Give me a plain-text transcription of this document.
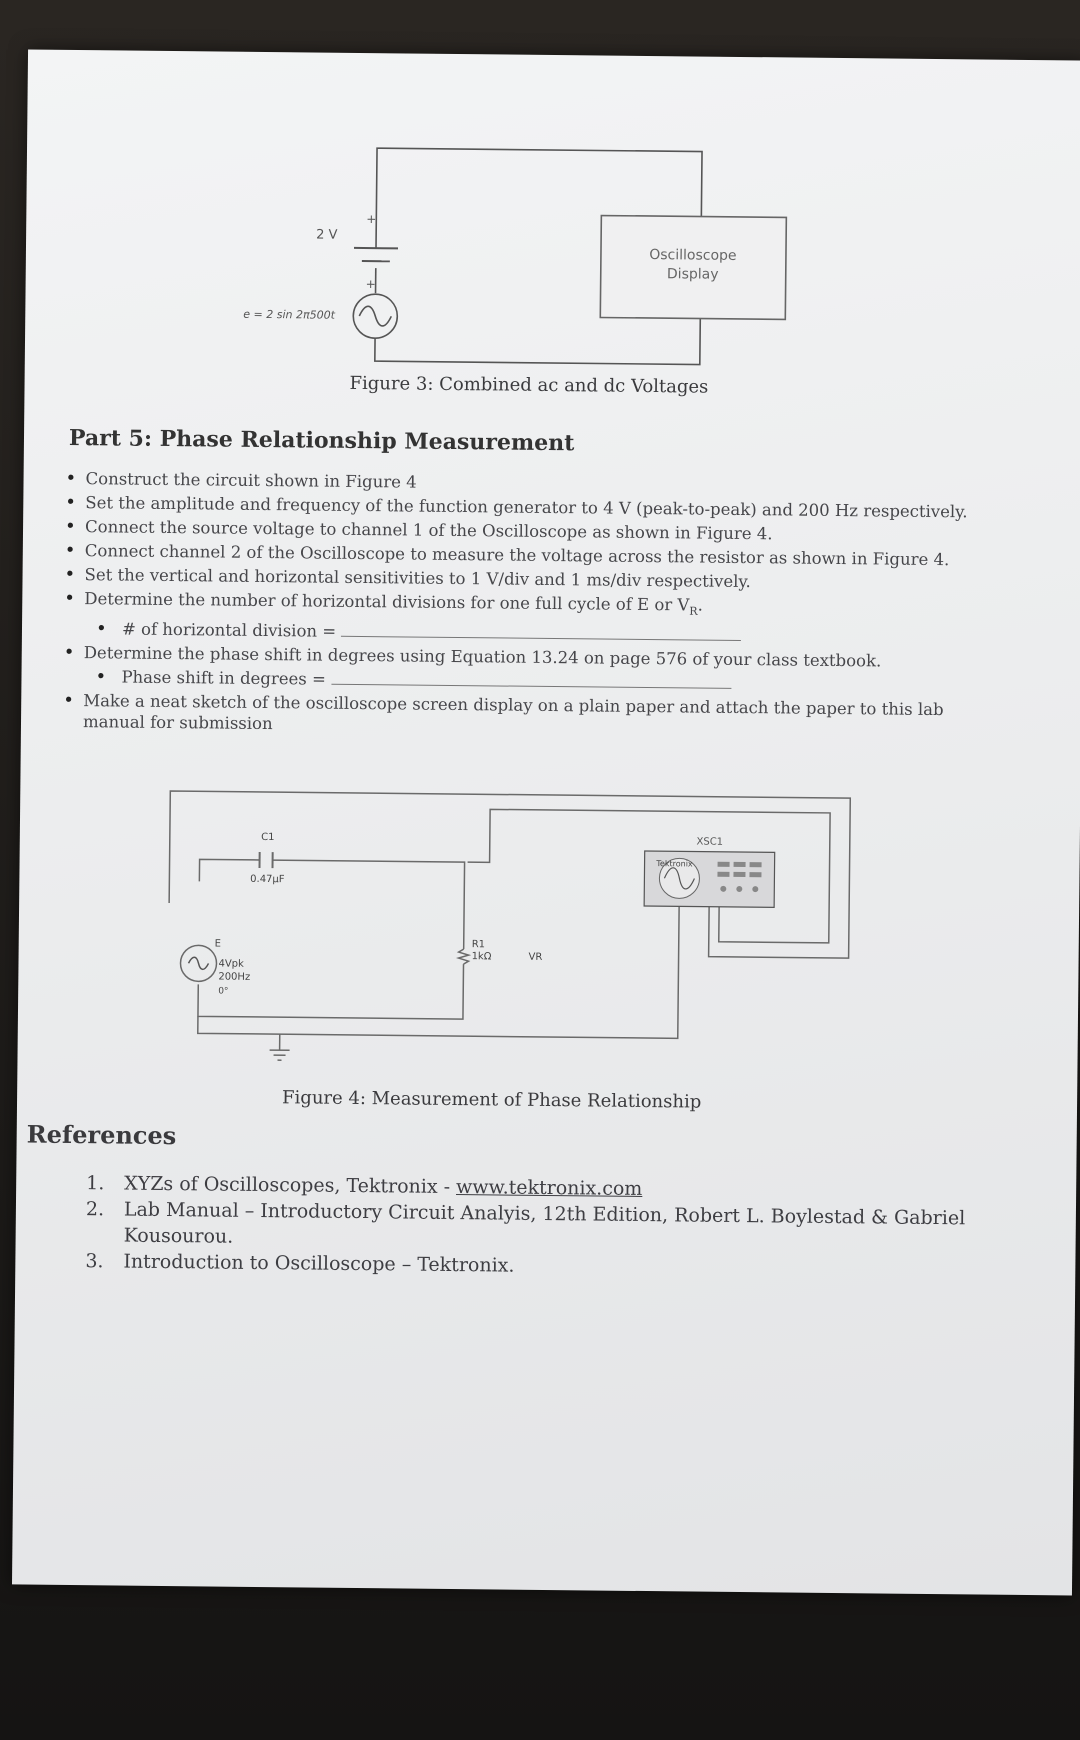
2 V
+
+
e = 2 sin 2π500t
Oscilloscope
Display
Figure 3: Combined ac and dc Voltages
Part 5: Phase Relationship Measurement
• Construct the circuit shown in Figure 4
• Set the amplitude and frequency of the function generator to 4 V (peak-to-peak) and 200 Hz respectively.
• Connect the source voltage to channel 1 of the Oscilloscope as shown in Figure 4.
• Connect channel 2 of the Oscilloscope to measure the voltage across the resistor as shown in Figure 4.
• Set the vertical and horizontal sensitivities to 1 V/div and 1 ms/div respectively.
• Determine the number of horizontal divisions for one full cycle of E or $V_R$.
• # of horizontal division =
• Determine the phase shift in degrees using Equation 13.24 on page 576 of your class textbook.
• Phase shift in degrees =
• Make a neat sketch of the oscilloscope screen display on a plain paper and attach the paper to this lab manual for submission
XSC1
Tektronix
C1
0.47µF
R1
1kΩ	VR
E
4Vpk
200Hz
0°
Figure 4: Measurement of Phase Relationship
References
1. XYZs of Oscilloscopes, Tektronix - www.tektronix.com
2. Lab Manual – Introductory Circuit Analyis, 12th Edition, Robert L. Boylestad & Gabriel Kousourou.
3. Introduction to Oscilloscope – Tektronix.
